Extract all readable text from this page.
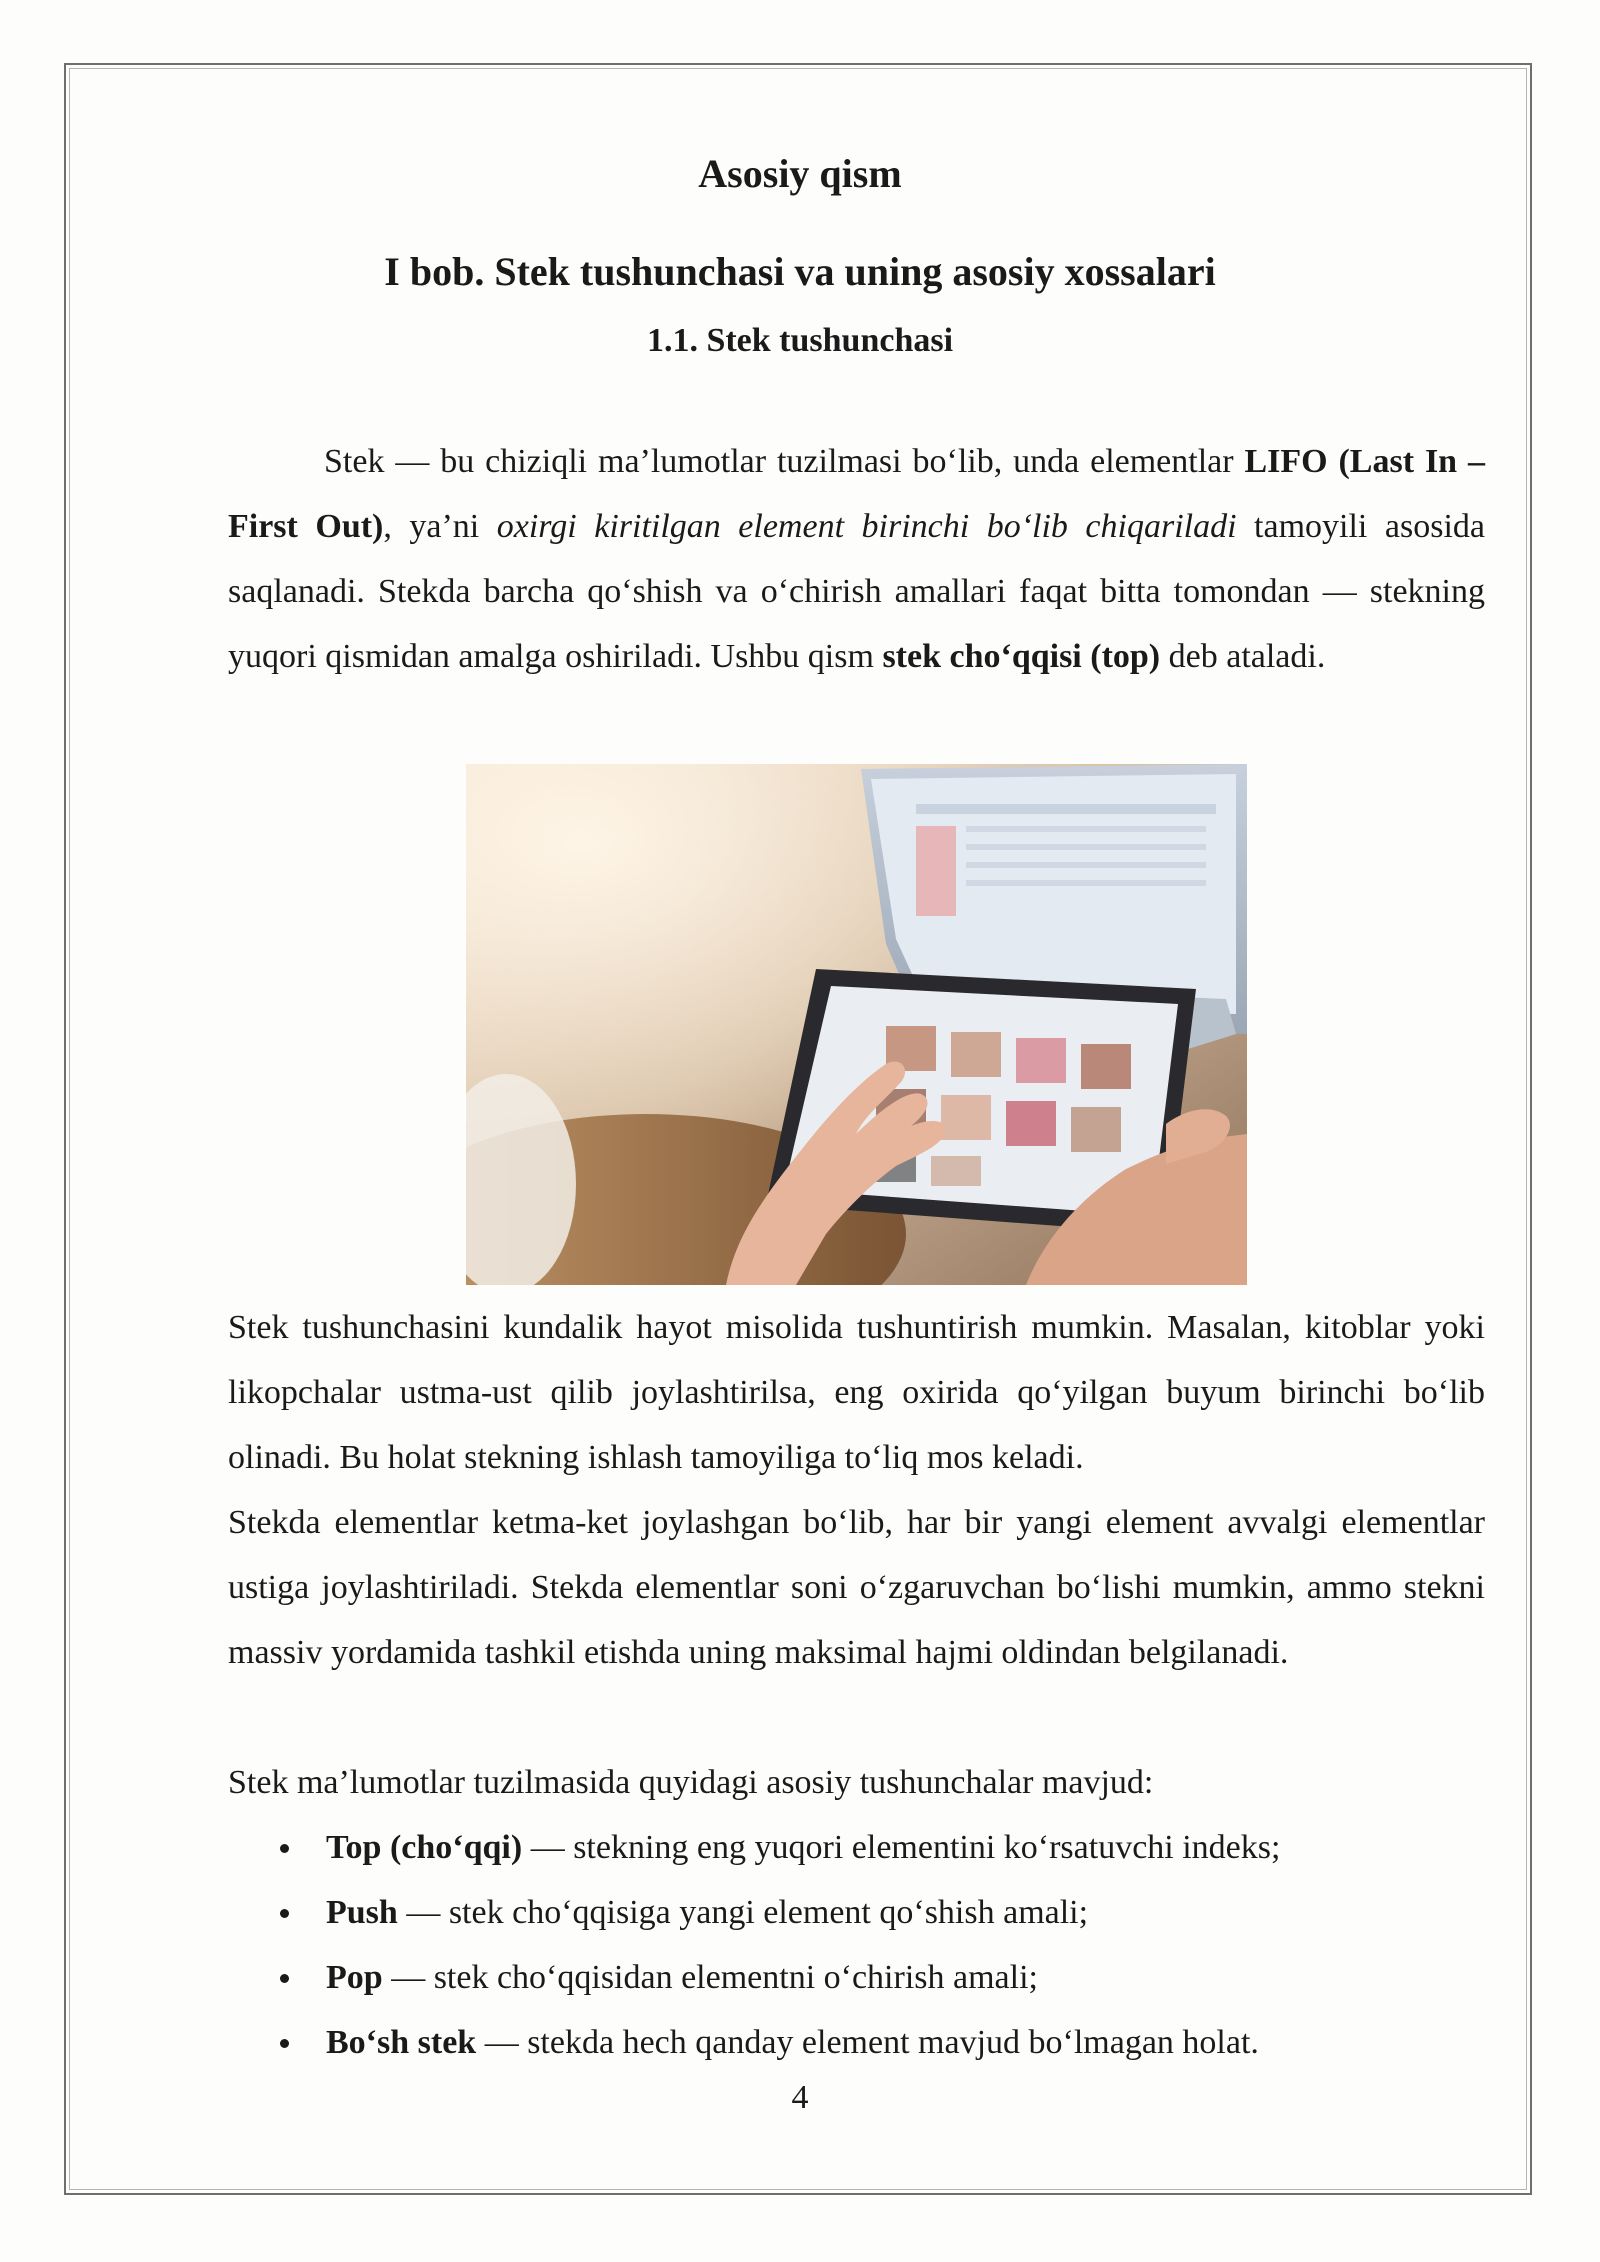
Asosiy qism
I bob. Stek tushunchasi va uning asosiy xossalari
1.1. Stek tushunchasi

Stek — bu chiziqli ma’lumotlar tuzilmasi bo‘lib, unda elementlar LIFO (Last In – First Out), ya’ni oxirgi kiritilgan element birinchi bo‘lib chiqariladi tamoyili asosida saqlanadi. Stekda barcha qo‘shish va o‘chirish amallari faqat bitta tomondan — stekning yuqori qismidan amalga oshiriladi. Ushbu qism stek cho‘qqisi (top) deb ataladi.

Stek tushunchasini kundalik hayot misolida tushuntirish mumkin. Masalan, kitoblar yoki likopchalar ustma-ust qilib joylashtirilsa, eng oxirida qo‘yilgan buyum birinchi bo‘lib olinadi. Bu holat stekning ishlash tamoyiliga to‘liq mos keladi.

Stekda elementlar ketma-ket joylashgan bo‘lib, har bir yangi element avvalgi elementlar ustiga joylashtiriladi. Stekda elementlar soni o‘zgaruvchan bo‘lishi mumkin, ammo stekni massiv yordamida tashkil etishda uning maksimal hajmi oldindan belgilanadi.

Stek ma’lumotlar tuzilmasida quyidagi asosiy tushunchalar mavjud:

Top (cho‘qqi) — stekning eng yuqori elementini ko‘rsatuvchi indeks;
Push — stek cho‘qqisiga yangi element qo‘shish amali;
Pop — stek cho‘qqisidan elementni o‘chirish amali;
Bo‘sh stek — stekda hech qanday element mavjud bo‘lmagan holat.
4
